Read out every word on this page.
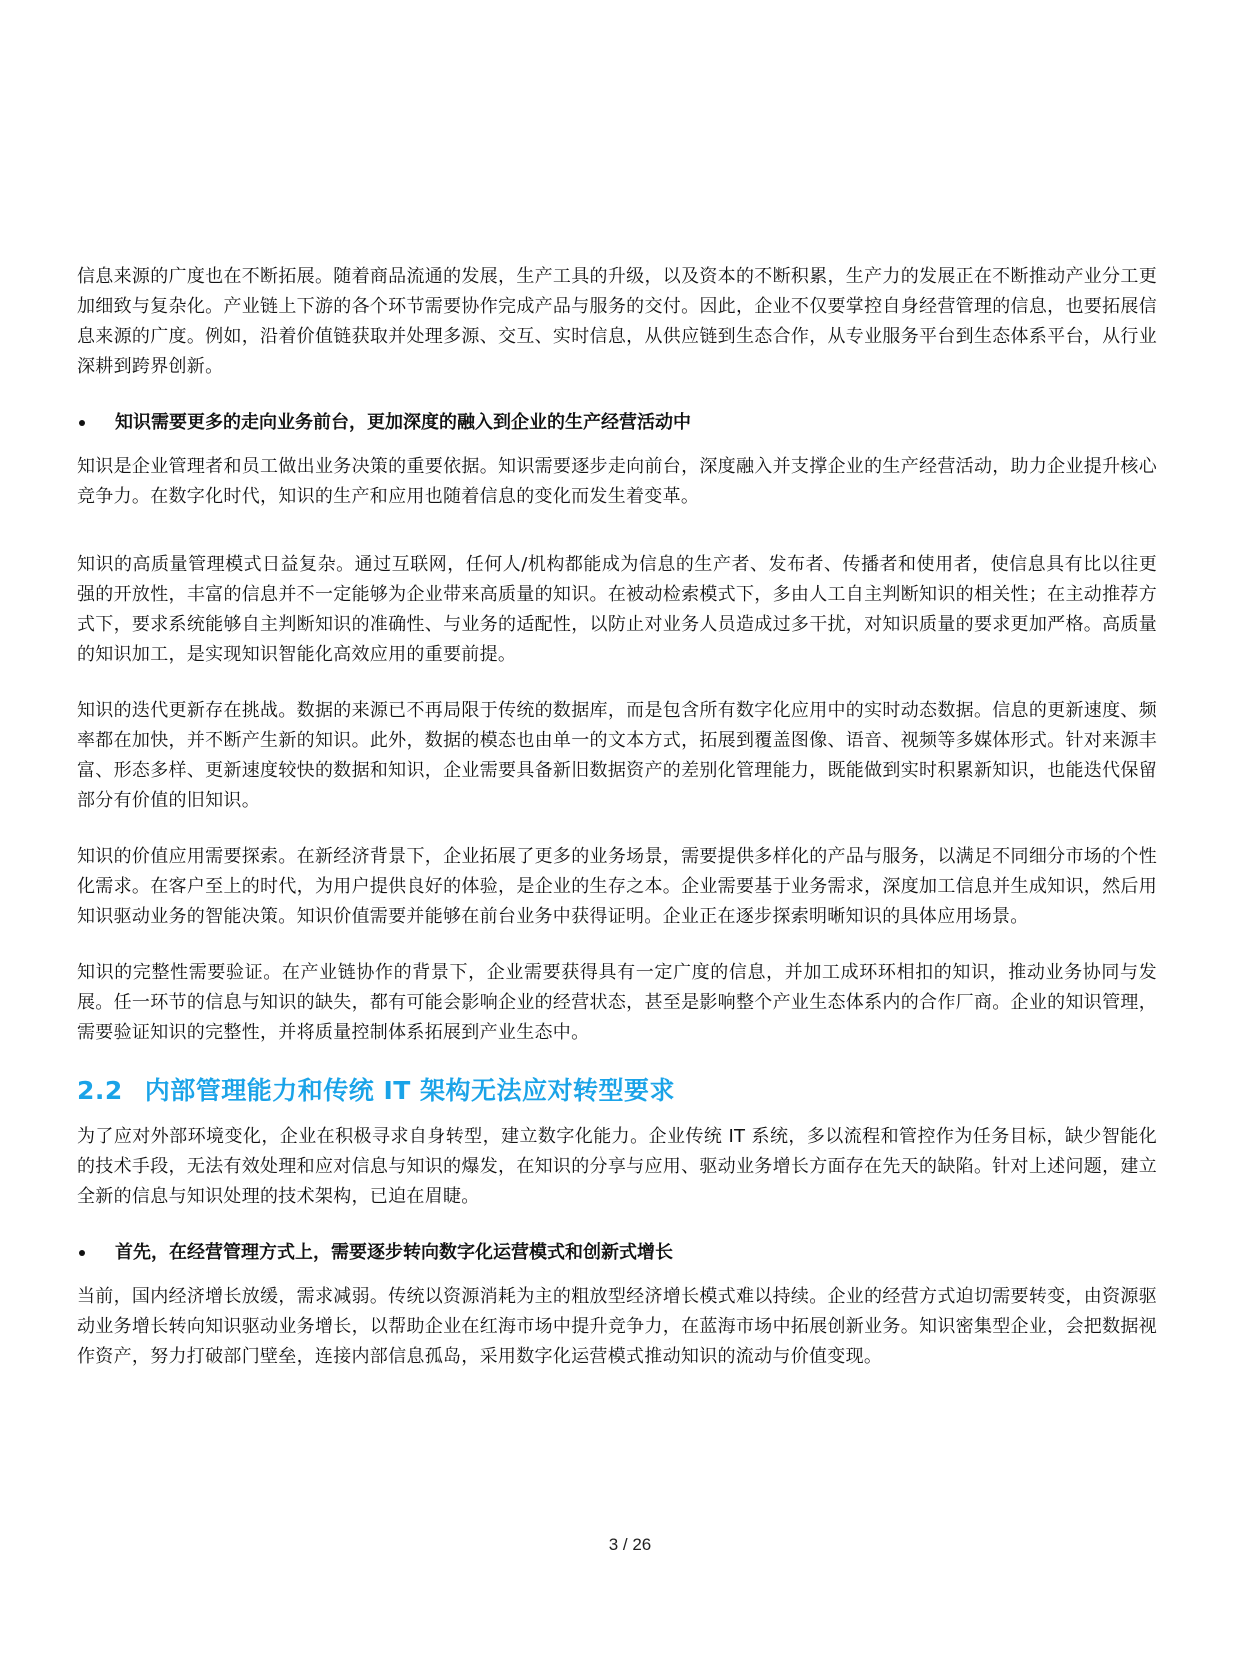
信息来源的广度也在不断拓展。随着商品流通的发展，生产工具的升级，以及资本的不断积累，生产力的发展正在不断推动产业分工更加细致与复杂化。产业链上下游的各个环节需要协作完成产品与服务的交付。因此，企业不仅要掌控自身经营管理的信息，也要拓展信息来源的广度。例如，沿着价值链获取并处理多源、交互、实时信息，从供应链到生态合作，从专业服务平台到生态体系平台，从行业深耕到跨界创新。

知识需要更多的走向业务前台，更加深度的融入到企业的生产经营活动中

知识是企业管理者和员工做出业务决策的重要依据。知识需要逐步走向前台，深度融入并支撑企业的生产经营活动，助力企业提升核心竞争力。在数字化时代，知识的生产和应用也随着信息的变化而发生着变革。

知识的高质量管理模式日益复杂。通过互联网，任何人/机构都能成为信息的生产者、发布者、传播者和使用者，使信息具有比以往更强的开放性，丰富的信息并不一定能够为企业带来高质量的知识。在被动检索模式下，多由人工自主判断知识的相关性；在主动推荐方式下，要求系统能够自主判断知识的准确性、与业务的适配性，以防止对业务人员造成过多干扰，对知识质量的要求更加严格。高质量的知识加工，是实现知识智能化高效应用的重要前提。

知识的迭代更新存在挑战。数据的来源已不再局限于传统的数据库，而是包含所有数字化应用中的实时动态数据。信息的更新速度、频率都在加快，并不断产生新的知识。此外，数据的模态也由单一的文本方式，拓展到覆盖图像、语音、视频等多媒体形式。针对来源丰富、形态多样、更新速度较快的数据和知识，企业需要具备新旧数据资产的差别化管理能力，既能做到实时积累新知识，也能迭代保留部分有价值的旧知识。

知识的价值应用需要探索。在新经济背景下，企业拓展了更多的业务场景，需要提供多样化的产品与服务，以满足不同细分市场的个性化需求。在客户至上的时代，为用户提供良好的体验，是企业的生存之本。企业需要基于业务需求，深度加工信息并生成知识，然后用知识驱动业务的智能决策。知识价值需要并能够在前台业务中获得证明。企业正在逐步探索明晰知识的具体应用场景。

知识的完整性需要验证。在产业链协作的背景下，企业需要获得具有一定广度的信息，并加工成环环相扣的知识，推动业务协同与发展。任一环节的信息与知识的缺失，都有可能会影响企业的经营状态，甚至是影响整个产业生态体系内的合作厂商。企业的知识管理，需要验证知识的完整性，并将质量控制体系拓展到产业生态中。

2.2 内部管理能力和传统 IT 架构无法应对转型要求

为了应对外部环境变化，企业在积极寻求自身转型，建立数字化能力。企业传统 IT 系统，多以流程和管控作为任务目标，缺少智能化的技术手段，无法有效处理和应对信息与知识的爆发，在知识的分享与应用、驱动业务增长方面存在先天的缺陷。针对上述问题，建立全新的信息与知识处理的技术架构，已迫在眉睫。

首先，在经营管理方式上，需要逐步转向数字化运营模式和创新式增长

当前，国内经济增长放缓，需求减弱。传统以资源消耗为主的粗放型经济增长模式难以持续。企业的经营方式迫切需要转变，由资源驱动业务增长转向知识驱动业务增长，以帮助企业在红海市场中提升竞争力，在蓝海市场中拓展创新业务。知识密集型企业，会把数据视作资产，努力打破部门壁垒，连接内部信息孤岛，采用数字化运营模式推动知识的流动与价值变现。

3 / 26
